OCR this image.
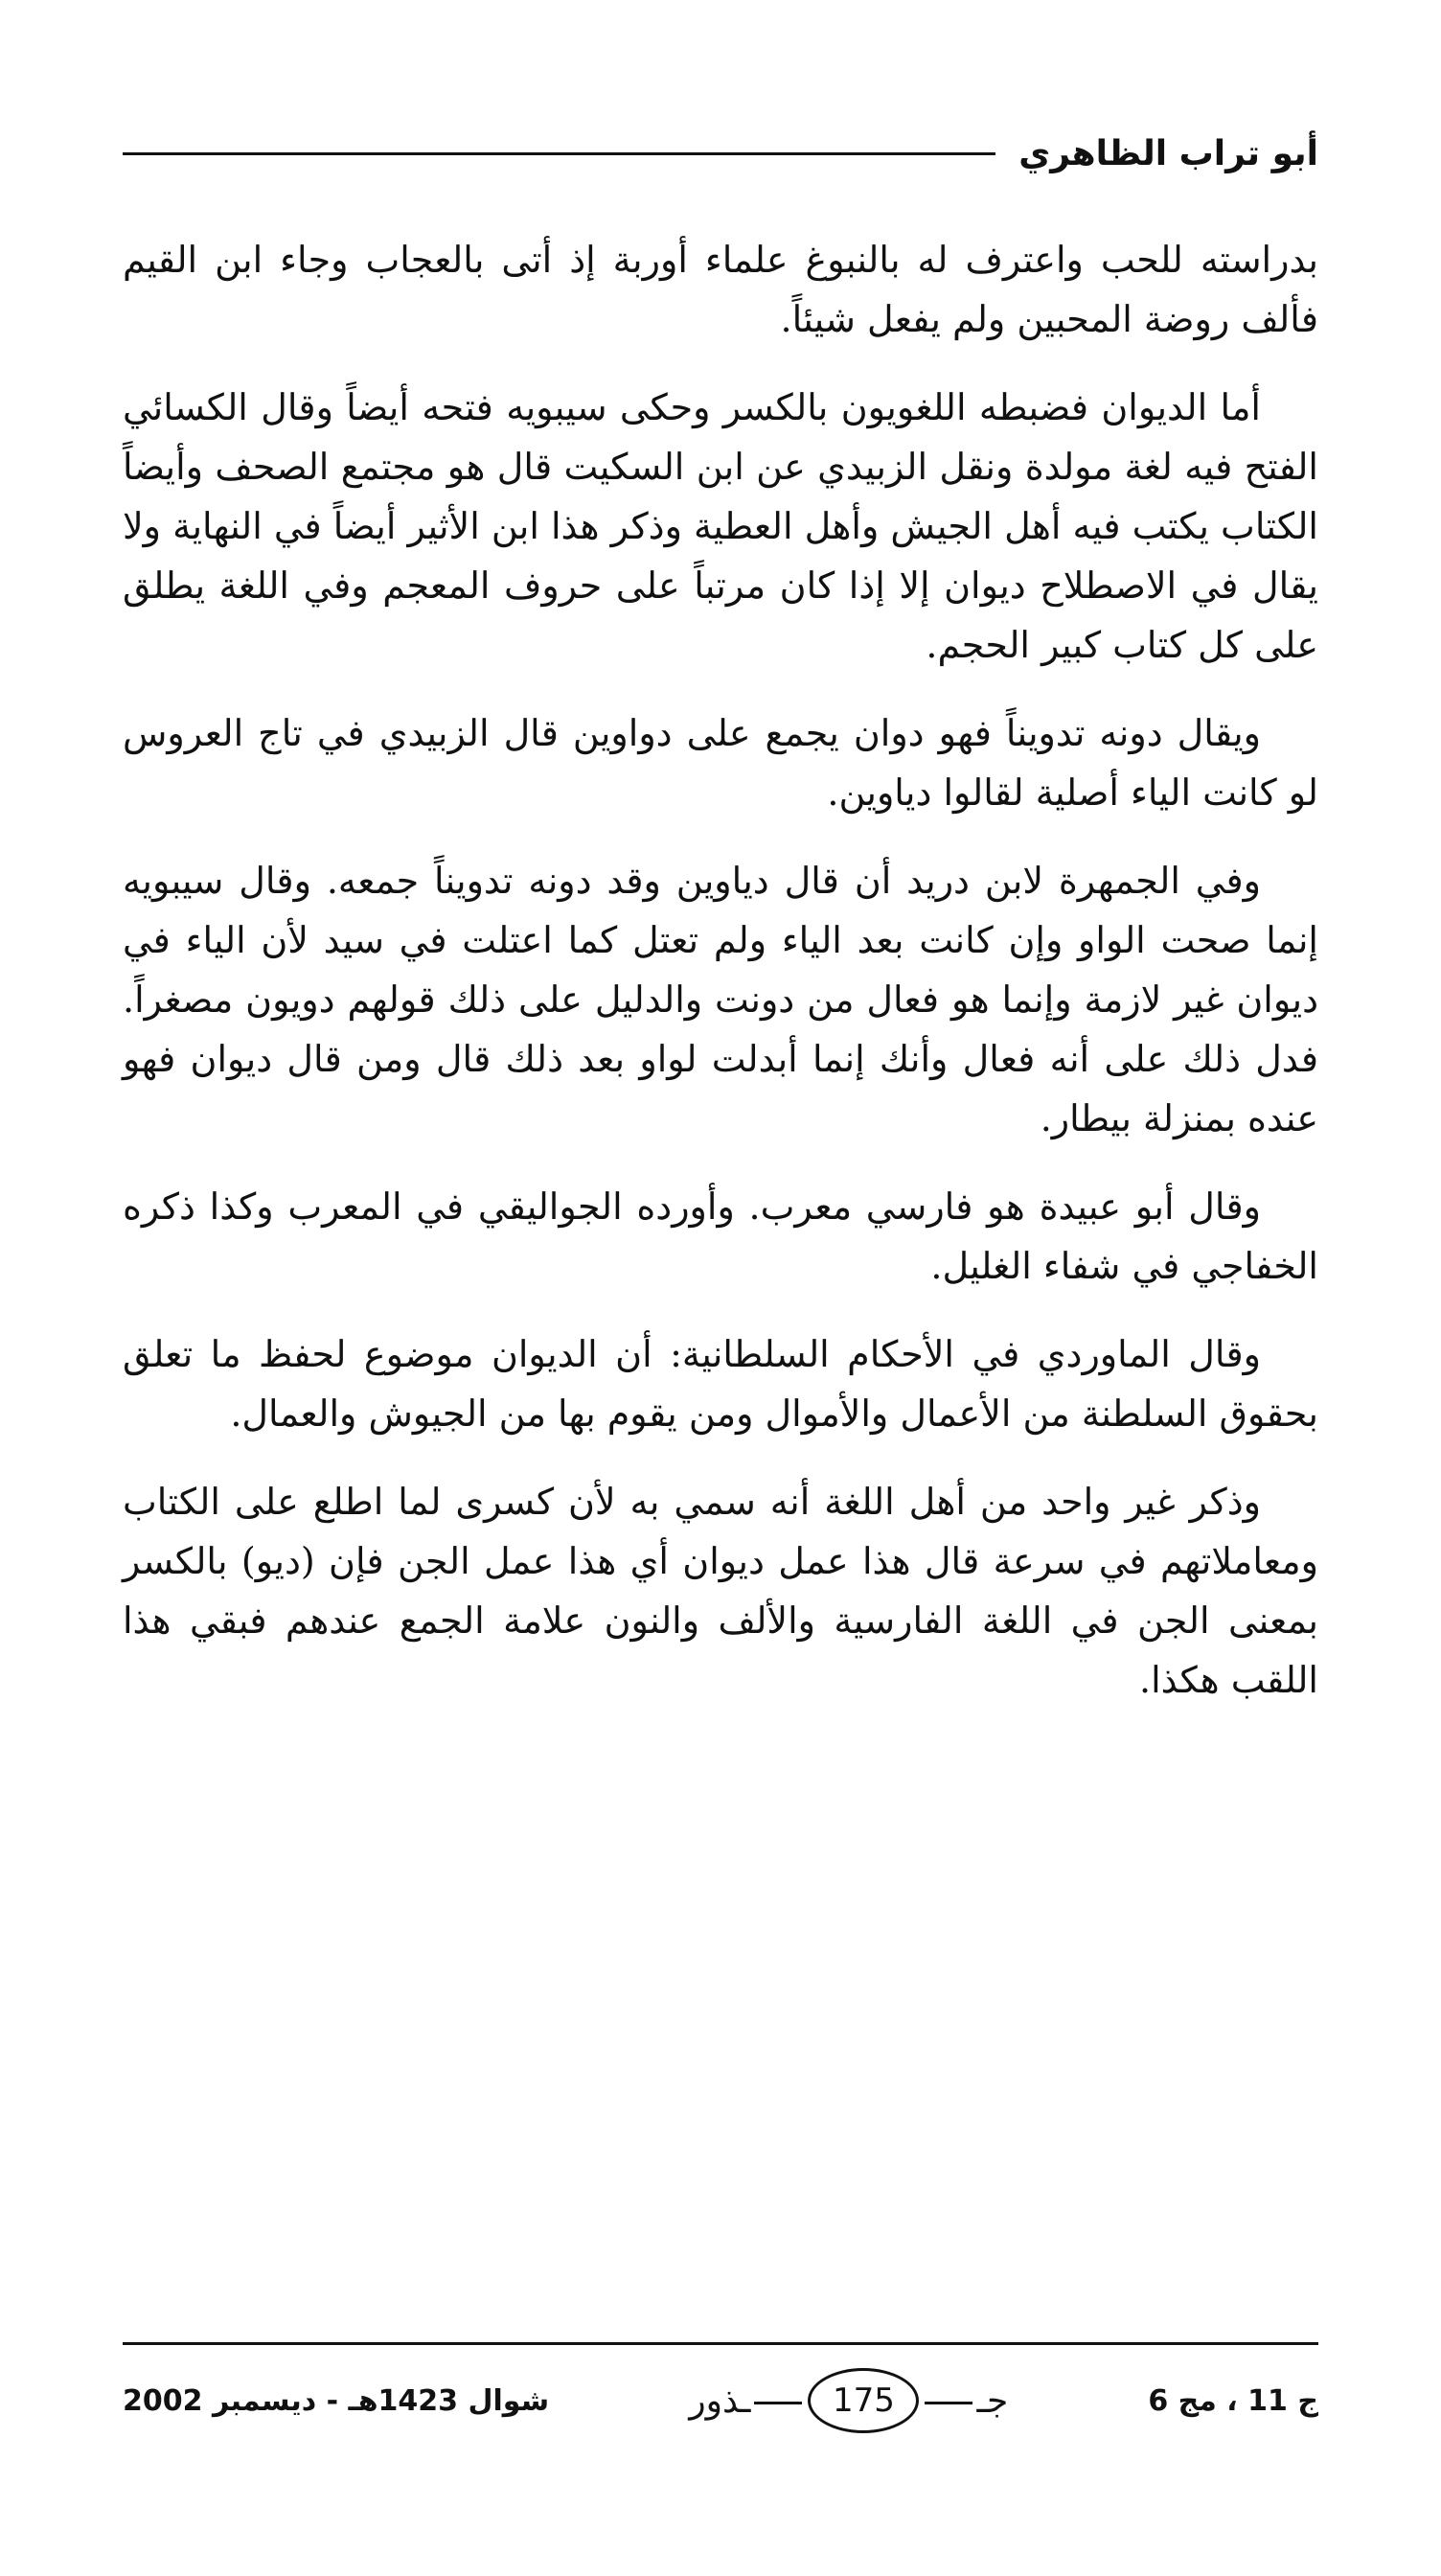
أبو تراب الظاهري

بدراسته للحب واعترف له بالنبوغ علماء أوربة إذ أتى بالعجاب وجاء ابن القيم فألف روضة المحبين ولم يفعل شيئاً.

أما الديوان فضبطه اللغويون بالكسر وحكى سيبويه فتحه أيضاً وقال الكسائي الفتح فيه لغة مولدة ونقل الزبيدي عن ابن السكيت قال هو مجتمع الصحف وأيضاً الكتاب يكتب فيه أهل الجيش وأهل العطية وذكر هذا ابن الأثير أيضاً في النهاية ولا يقال في الاصطلاح ديوان إلا إذا كان مرتباً على حروف المعجم وفي اللغة يطلق على كل كتاب كبير الحجم.

ويقال دونه تدويناً فهو دوان يجمع على دواوين قال الزبيدي في تاج العروس لو كانت الياء أصلية لقالوا دياوين.

وفي الجمهرة لابن دريد أن قال دياوين وقد دونه تدويناً جمعه. وقال سيبويه إنما صحت الواو وإن كانت بعد الياء ولم تعتل كما اعتلت في سيد لأن الياء في ديوان غير لازمة وإنما هو فعال من دونت والدليل على ذلك قولهم دويون مصغراً. فدل ذلك على أنه فعال وأنك إنما أبدلت لواو بعد ذلك قال ومن قال ديوان فهو عنده بمنزلة بيطار.

وقال أبو عبيدة هو فارسي معرب. وأورده الجواليقي في المعرب وكذا ذكره الخفاجي في شفاء الغليل.

وقال الماوردي في الأحكام السلطانية: أن الديوان موضوع لحفظ ما تعلق بحقوق السلطنة من الأعمال والأموال ومن يقوم بها من الجيوش والعمال.

وذكر غير واحد من أهل اللغة أنه سمي به لأن كسرى لما اطلع على الكتاب ومعاملاتهم في سرعة قال هذا عمل ديوان أي هذا عمل الجن فإن (ديو) بالكسر بمعنى الجن في اللغة الفارسية والألف والنون علامة الجمع عندهم فبقي هذا اللقب هكذا.

شوال 1423هـ - ديسمبر 2002	جـ
175
ـذور	ج 11 ، مج 6
